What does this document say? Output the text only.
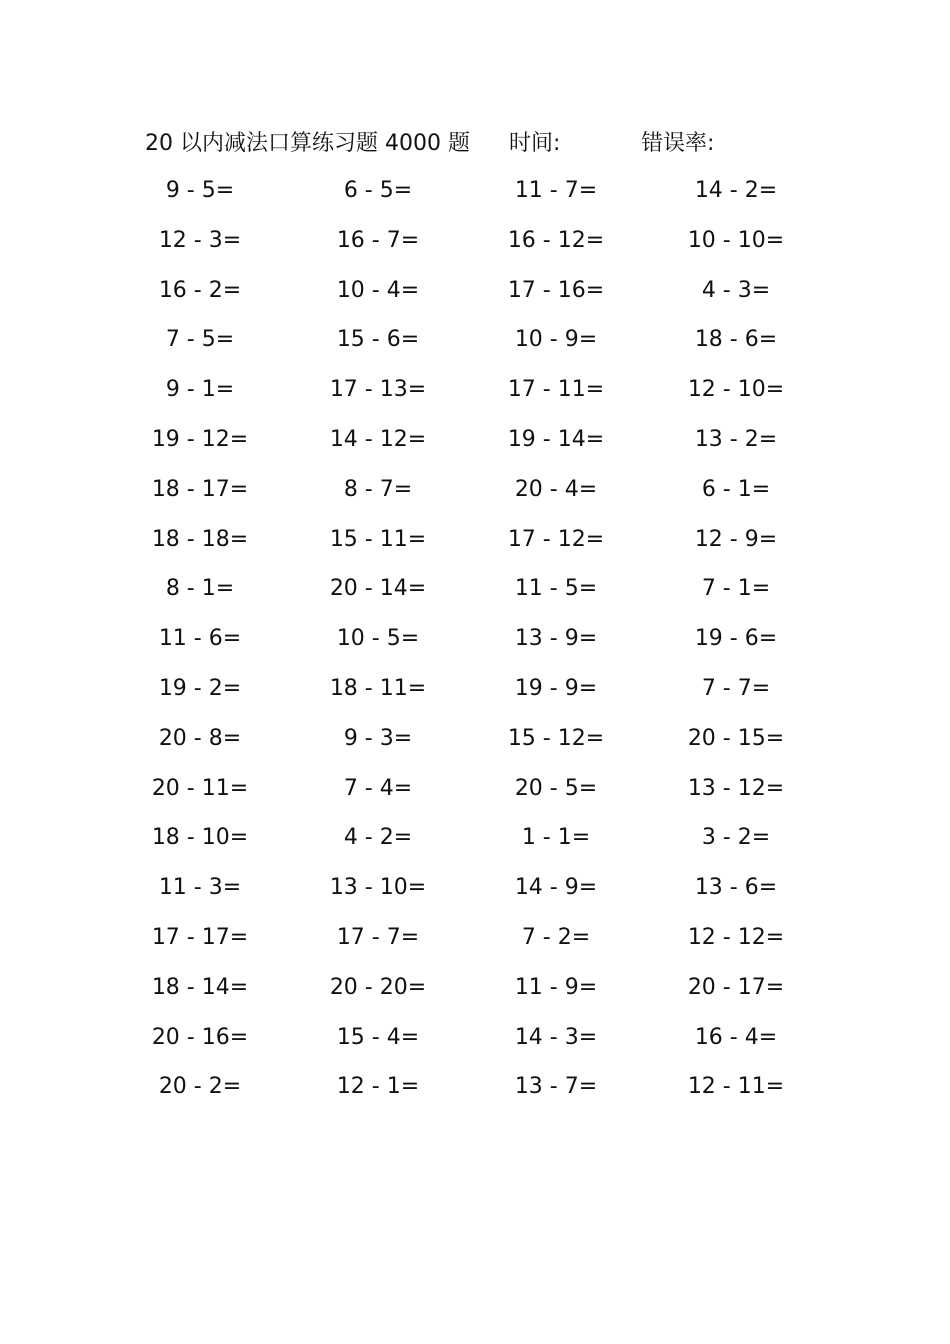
20 以内减法口算练习题 4000 题 时间:	错误率:
9 - 5=	6 - 5=	11 - 7=	14 - 2=
12 - 3=	16 - 7=	16 - 12=	10 - 10=
16 - 2=	10 - 4=	17 - 16=	4 - 3=
7 - 5=	15 - 6=	10 - 9=	18 - 6=
9 - 1=	17 - 13=	17 - 11=	12 - 10=
19 - 12=	14 - 12=	19 - 14=	13 - 2=
18 - 17=	8 - 7=	20 - 4=	6 - 1=
18 - 18=	15 - 11=	17 - 12=	12 - 9=
8 - 1=	20 - 14=	11 - 5=	7 - 1=
11 - 6=	10 - 5=	13 - 9=	19 - 6=
19 - 2=	18 - 11=	19 - 9=	7 - 7=
20 - 8=	9 - 3=	15 - 12=	20 - 15=
20 - 11=	7 - 4=	20 - 5=	13 - 12=
18 - 10=	4 - 2=	1 - 1=	3 - 2=
11 - 3=	13 - 10=	14 - 9=	13 - 6=
17 - 17=	17 - 7=	7 - 2=	12 - 12=
18 - 14=	20 - 20=	11 - 9=	20 - 17=
20 - 16=	15 - 4=	14 - 3=	16 - 4=
20 - 2=	12 - 1=	13 - 7=	12 - 11=
